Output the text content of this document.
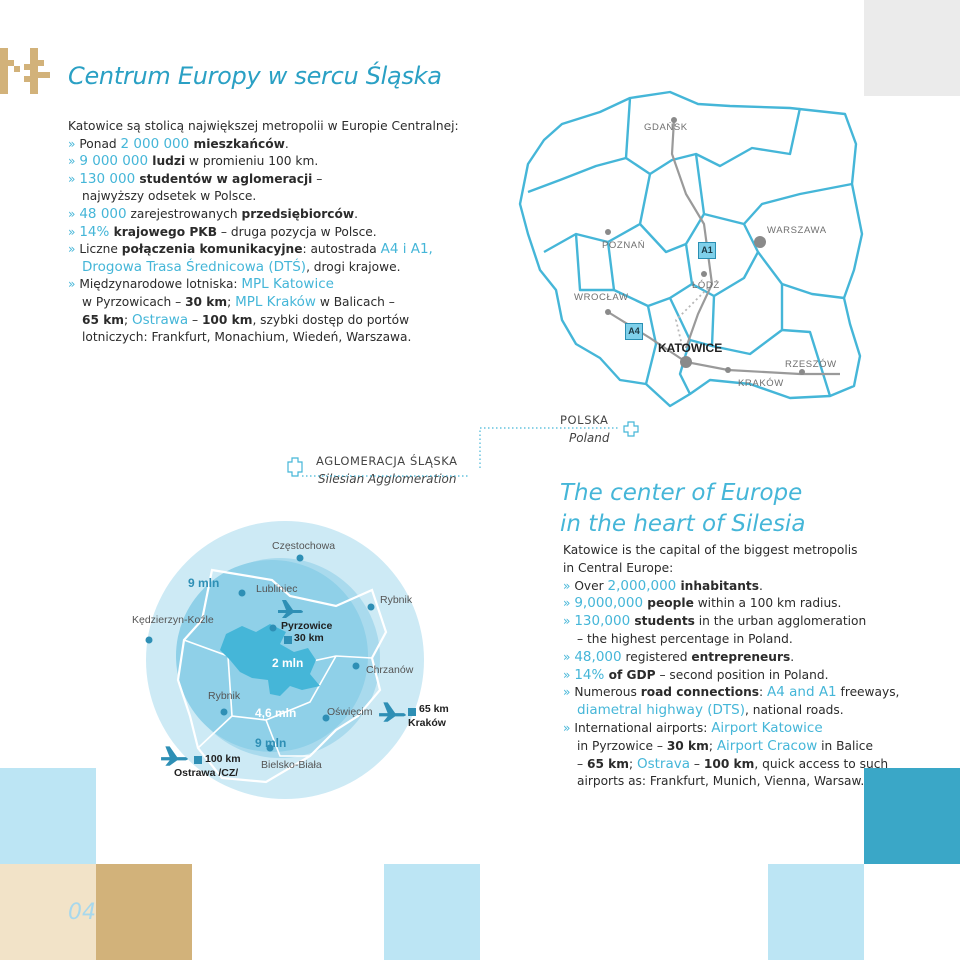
04
Centrum Europy w sercu Śląska
Katowice są stolicą największej metropolii w Europie Centralnej:
» Ponad 2 000 000 mieszkańców.
» 9 000 000 ludzi w promieniu 100 km.
» 130 000 studentów w aglomeracji –
najwyższy odsetek w Polsce.
» 48 000 zarejestrowanych przedsiębiorców.
» 14% krajowego PKB – druga pozycja w Polsce.
» Liczne połączenia komunikacyjne: autostrada A4 i A1,
Drogowa Trasa Średnicowa (DTŚ), drogi krajowe.
» Międzynarodowe lotniska: MPL Katowice
w Pyrzowicach – 30 km; MPL Kraków w Balicach –
65 km; Ostrawa – 100 km, szybki dostęp do portów
lotniczych: Frankfurt, Monachium, Wiedeń, Warszawa.
GDAŃSK
POZNAŃ
WARSZAWA
ŁÓDŹ
WROCŁAW
KATOWICE
KRAKÓW
RZESZÓW
A1
A4
POLSKA
Poland
AGLOMERACJA ŚLĄSKA
Silesian Agglomeration
Częstochowa
Lubliniec
Rybnik
Kędzierzyn-Koźle	Pyrzowice
30 km
Chrzanów
Rybnik
Oświęcim	65 km
Kraków
100 km
Ostrawa /CZ/
Bielsko-Biała
9 mln
2 mln
4,6 mln
9 mln
The center of Europe
in the heart of Silesia
Katowice is the capital of the biggest metropolis
in Central Europe:
» Over 2,000,000 inhabitants.
» 9,000,000 people within a 100 km radius.
» 130,000 students in the urban agglomeration
– the highest percentage in Poland.
» 48,000 registered entrepreneurs.
» 14% of GDP – second position in Poland.
» Numerous road connections: A4 and A1 freeways,
diametral highway (DTS), national roads.
» International airports: Airport Katowice
in Pyrzowice – 30 km; Airport Cracow in Balice
– 65 km; Ostrava – 100 km, quick access to such
airports as: Frankfurt, Munich, Vienna, Warsaw.
